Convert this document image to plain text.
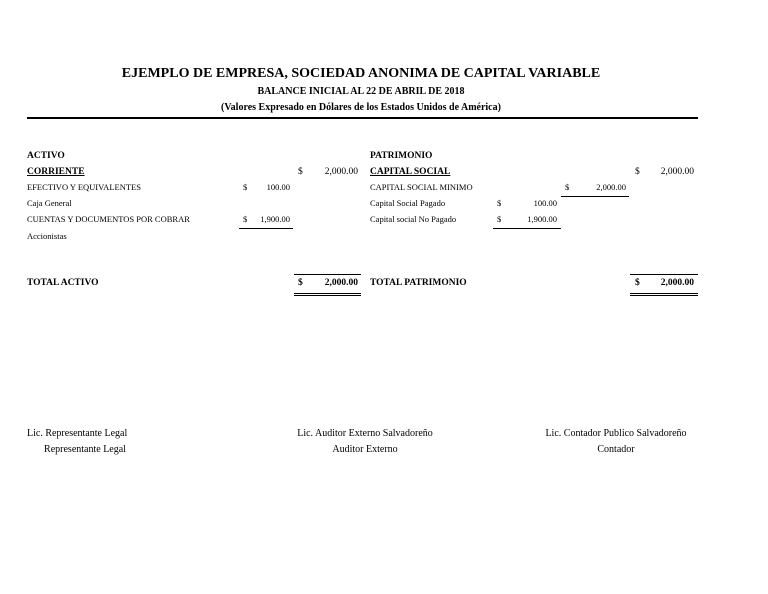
EJEMPLO DE EMPRESA, SOCIEDAD ANONIMA DE CAPITAL VARIABLE
BALANCE INICIAL AL 22 DE ABRIL DE 2018
(Valores Expresado en Dólares de los Estados Unidos de América)
ACTIVO
CORRIENTE	$	2,000.00
EFECTIVO Y EQUIVALENTES	$	100.00
Caja General
CUENTAS Y DOCUMENTOS POR COBRAR	$	1,900.00
Accionistas
TOTAL ACTIVO	$	2,000.00
PATRIMONIO
CAPITAL SOCIAL	$	2,000.00
CAPITAL SOCIAL MINIMO	$	2,000.00
Capital Social Pagado	$	100.00
Capital social No Pagado	$	1,900.00
TOTAL PATRIMONIO	$	2,000.00
Lic. Representante Legal
Representante Legal
Lic. Auditor Externo Salvadoreño
Auditor Externo
Lic. Contador Publico Salvadoreño
Contador
